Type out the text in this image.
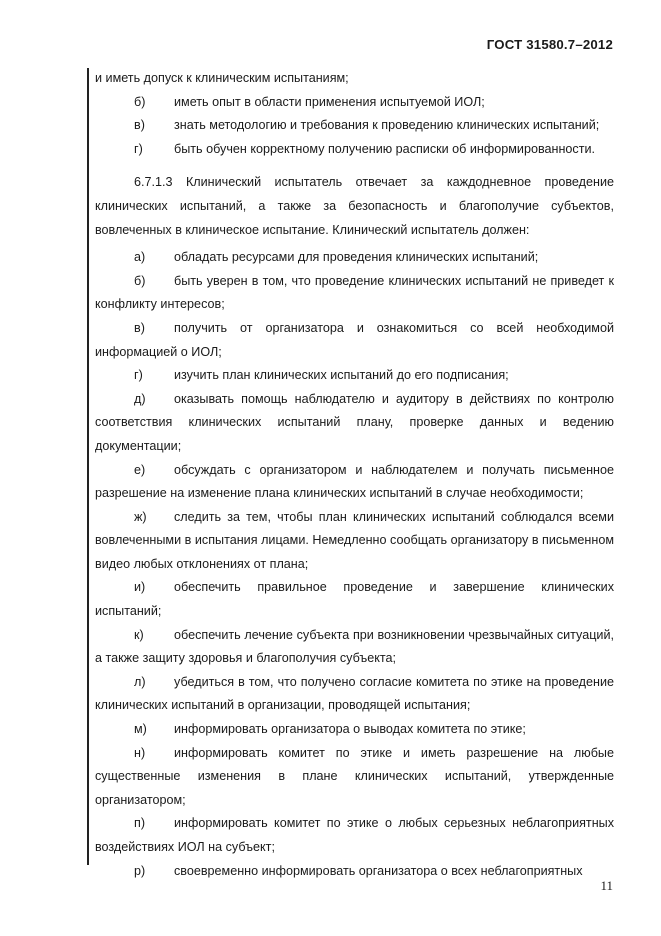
ГОСТ 31580.7–2012

и иметь допуск к клиническим испытаниям;

б) иметь опыт в области применения испытуемой ИОЛ;

в) знать методологию и требования к проведению клинических испытаний;

г) быть обучен корректному получению расписки об информированности.

6.7.1.3 Клинический испытатель отвечает за каждодневное проведение клинических испытаний, а также за безопасность и благополучие субъектов, вовлеченных в клиническое испытание. Клинический испытатель должен:

а) обладать ресурсами для проведения клинических испытаний;

б) быть уверен в том, что проведение клинических испытаний не приведет к конфликту интересов;

в) получить от организатора и ознакомиться со всей необходимой информацией о ИОЛ;

г) изучить план клинических испытаний до его подписания;

д) оказывать помощь наблюдателю и аудитору в действиях по контролю соответствия клинических испытаний плану, проверке данных и ведению документации;

е) обсуждать с организатором и наблюдателем и получать письменное разрешение на изменение плана клинических испытаний в случае необходимости;

ж) следить за тем, чтобы план клинических испытаний соблюдался всеми вовлеченными в испытания лицами. Немедленно сообщать организатору в письменном видео любых отклонениях от плана;

и) обеспечить правильное проведение и завершение клинических испытаний;

к) обеспечить лечение субъекта при возникновении чрезвычайных ситуаций, а также защиту здоровья и благополучия субъекта;

л) убедиться в том, что получено согласие комитета по этике на проведение клинических испытаний в организации, проводящей испытания;

м) информировать организатора о выводах комитета по этике;

н) информировать комитет по этике и иметь разрешение на любые существенные изменения в плане клинических испытаний, утвержденные организатором;

п) информировать комитет по этике о любых серьезных неблагоприятных воздействиях ИОЛ на субъект;

р) своевременно информировать организатора о всех неблагоприятных

11
